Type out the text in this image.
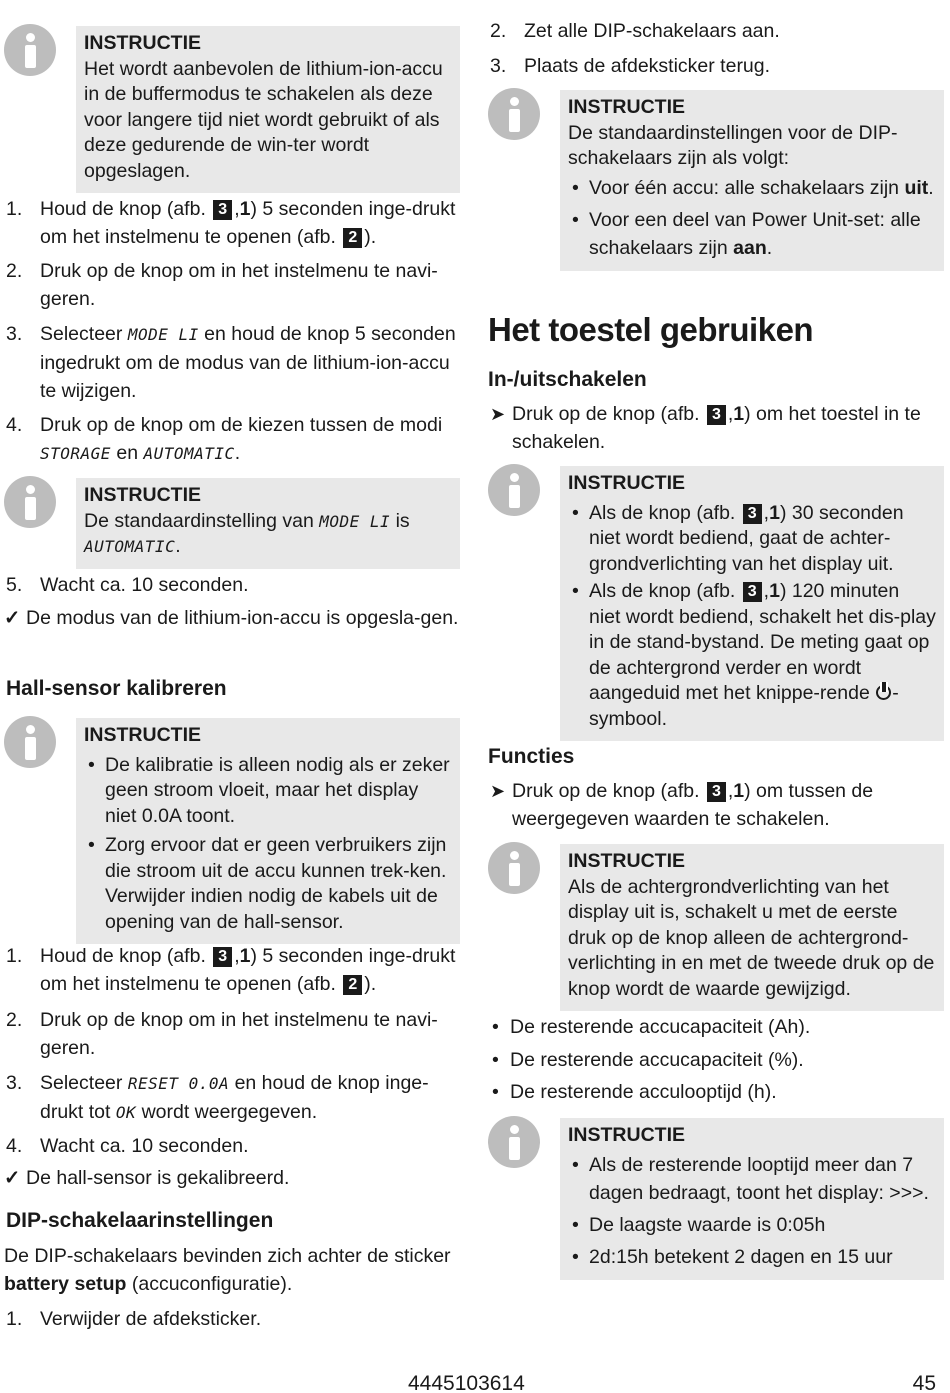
INSTRUCTIE
Het wordt aanbevolen de lithium-ion-accu in de buffermodus te schakelen als deze voor langere tijd niet wordt gebruikt of als deze gedurende de win-ter wordt opgeslagen.
1. Houd de knop (afb. 3 ,1) 5 seconden inge-drukt om het instelmenu te openen (afb. 2 ).
2. Druk op de knop om in het instelmenu te navi-geren.
3. Selecteer MODE LI en houd de knop 5 seconden ingedrukt om de modus van de lithium-ion-accu te wijzigen.
4. Druk op de knop om de kiezen tussen de modi STORAGE en AUTOMATIC.
INSTRUCTIE
De standaardinstelling van MODE LI is AUTOMATIC.
5. Wacht ca. 10 seconden.
✓ De modus van de lithium-ion-accu is opgesla-gen.
Hall-sensor kalibreren
INSTRUCTIE
• De kalibratie is alleen nodig als er zeker geen stroom vloeit, maar het display niet 0.0A toont.
• Zorg ervoor dat er geen verbruikers zijn die stroom uit de accu kunnen trek-ken. Verwijder indien nodig de kabels uit de opening van de hall-sensor.
1. Houd de knop (afb. 3 ,1) 5 seconden inge-drukt om het instelmenu te openen (afb. 2 ).
2. Druk op de knop om in het instelmenu te navi-geren.
3. Selecteer RESET 0.0A en houd de knop inge-drukt tot OK wordt weergegeven.
4. Wacht ca. 10 seconden.
✓ De hall-sensor is gekalibreerd.
DIP-schakelaarinstellingen
De DIP-schakelaars bevinden zich achter de sticker battery setup (accuconfiguratie).
1. Verwijder de afdeksticker.
2. Zet alle DIP-schakelaars aan.
3. Plaats de afdeksticker terug.
INSTRUCTIE
De standaardinstellingen voor de DIP-schakelaars zijn als volgt:
• Voor één accu: alle schakelaars zijn uit.
• Voor een deel van Power Unit-set: alle schakelaars zijn aan.
Het toestel gebruiken
In-/uitschakelen
➤ Druk op de knop (afb. 3 ,1) om het toestel in te schakelen.
INSTRUCTIE
• Als de knop (afb. 3 ,1) 30 seconden niet wordt bediend, gaat de achter-grondverlichting van het display uit.
• Als de knop (afb. 3 ,1) 120 minuten niet wordt bediend, schakelt het dis-play in de stand-bystand. De meting gaat op de achtergrond verder en wordt aangeduid met het knippe-rende -symbool.
Functies
➤ Druk op de knop (afb. 3 ,1) om tussen de weergegeven waarden te schakelen.
INSTRUCTIE
Als de achtergrondverlichting van het display uit is, schakelt u met de eerste druk op de knop alleen de achtergrond-verlichting in en met de tweede druk op de knop wordt de waarde gewijzigd.
• De resterende accucapaciteit (Ah).
• De resterende accucapaciteit (%).
• De resterende acculooptijd (h).
INSTRUCTIE
• Als de resterende looptijd meer dan 7 dagen bedraagt, toont het display: >>>.
• De laagste waarde is 0:05h
• 2d:15h betekent 2 dagen en 15 uur
4445103614	45
